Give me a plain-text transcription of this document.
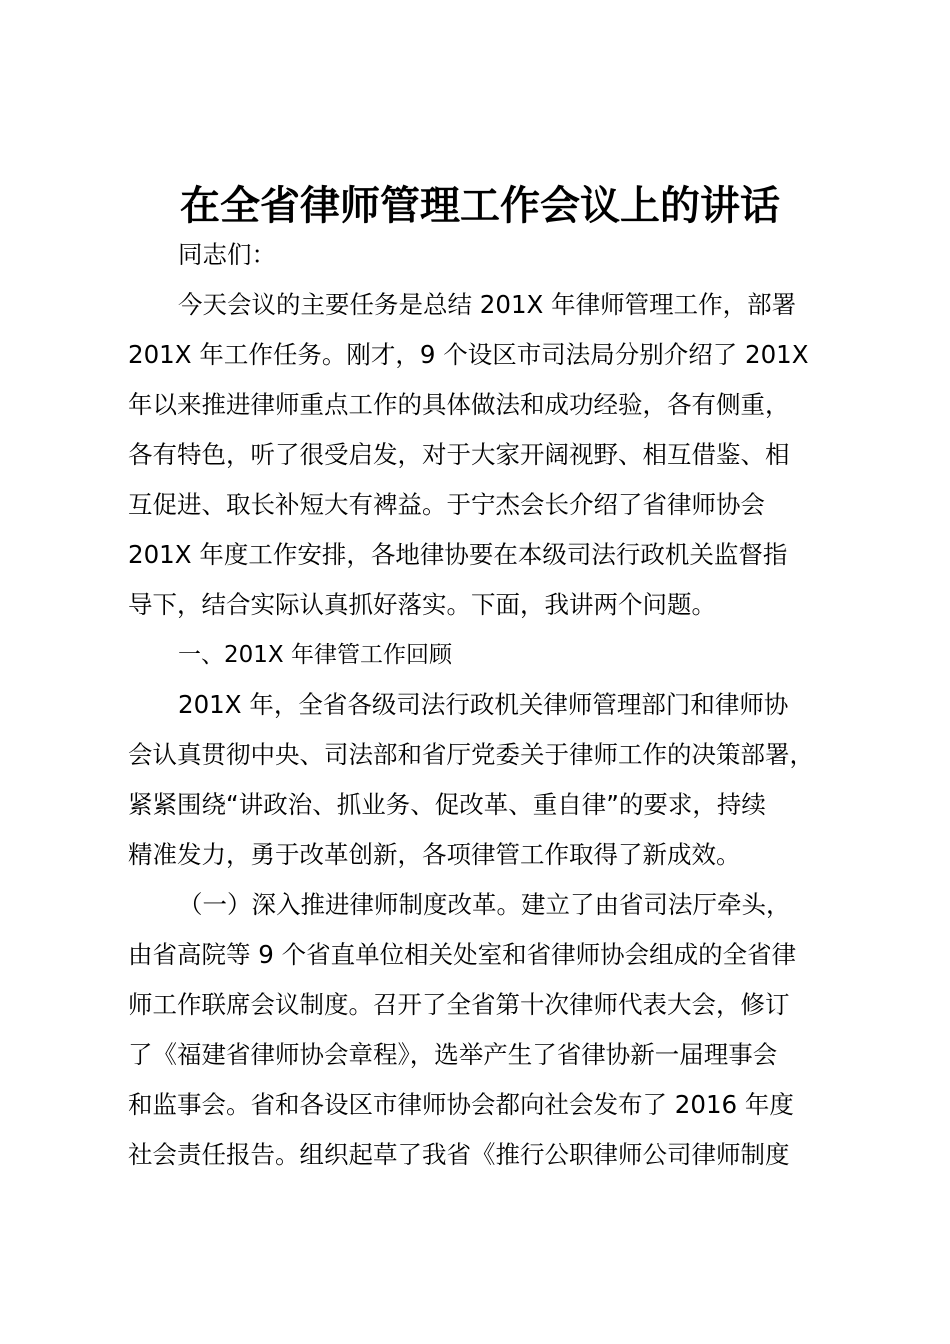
在全省律师管理工作会议上的讲话
同志们：
今天会议的主要任务是总结 201X 年律师管理工作，部署
201X 年工作任务。刚才，9 个设区市司法局分别介绍了 201X
年以来推进律师重点工作的具体做法和成功经验，各有侧重，
各有特色，听了很受启发，对于大家开阔视野、相互借鉴、相
互促进、取长补短大有裨益。于宁杰会长介绍了省律师协会
201X 年度工作安排，各地律协要在本级司法行政机关监督指
导下，结合实际认真抓好落实。下面，我讲两个问题。
一、201X 年律管工作回顾
201X 年，全省各级司法行政机关律师管理部门和律师协
会认真贯彻中央、司法部和省厅党委关于律师工作的决策部署，
紧紧围绕“讲政治、抓业务、促改革、重自律”的要求，持续
精准发力，勇于改革创新，各项律管工作取得了新成效。
（一）深入推进律师制度改革。建立了由省司法厅牵头，
由省高院等 9 个省直单位相关处室和省律师协会组成的全省律
师工作联席会议制度。召开了全省第十次律师代表大会，修订
了《福建省律师协会章程》，选举产生了省律协新一届理事会
和监事会。省和各设区市律师协会都向社会发布了 2016 年度
社会责任报告。组织起草了我省《推行公职律师公司律师制度
